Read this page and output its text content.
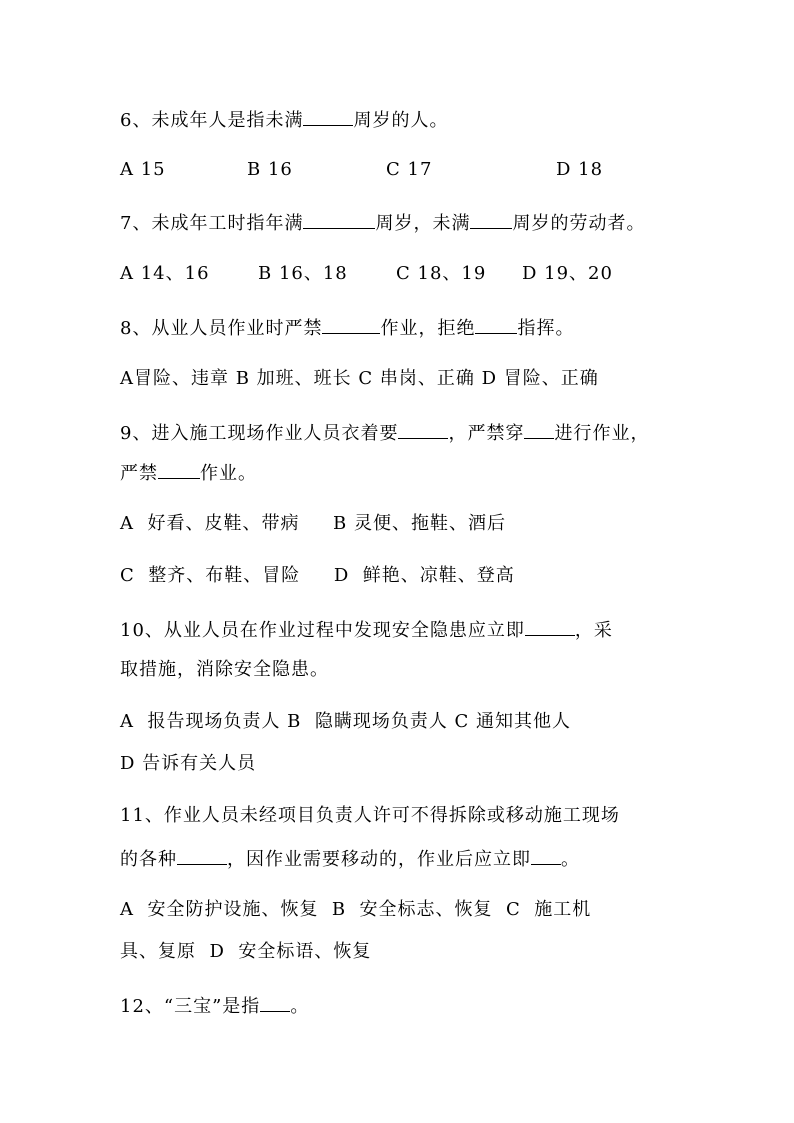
6、未成年人是指未满	周岁的人。
A 15	B 16	C 17	D 18
7、未成年工时指年满	周岁，未满 周岁的劳动者。
A 14、16	B 16、18	C 18、19 D 19、20
8、从业人员作业时严禁	作业，拒绝 指挥。
A冒险、违章 B 加班、班长 C 串岗、正确 D 冒险、正确
9、进入施工现场作业人员衣着要	，严禁穿 进行作业，
严禁 作业。
A  好看、皮鞋、带病     B 灵便、拖鞋、酒后
C  整齐、布鞋、冒险     D  鲜艳、凉鞋、登高
10、从业人员在作业过程中发现安全隐患应立即	，采
取措施，消除安全隐患。
A  报告现场负责人 B  隐瞒现场负责人 C 通知其他人
D 告诉有关人员
11、作业人员未经项目负责人许可不得拆除或移动施工现场
的各种	，因作业需要移动的，作业后应立即 。
A  安全防护设施、恢复  B  安全标志、恢复  C  施工机
具、复原  D  安全标语、恢复
12、“三宝”是指 。
